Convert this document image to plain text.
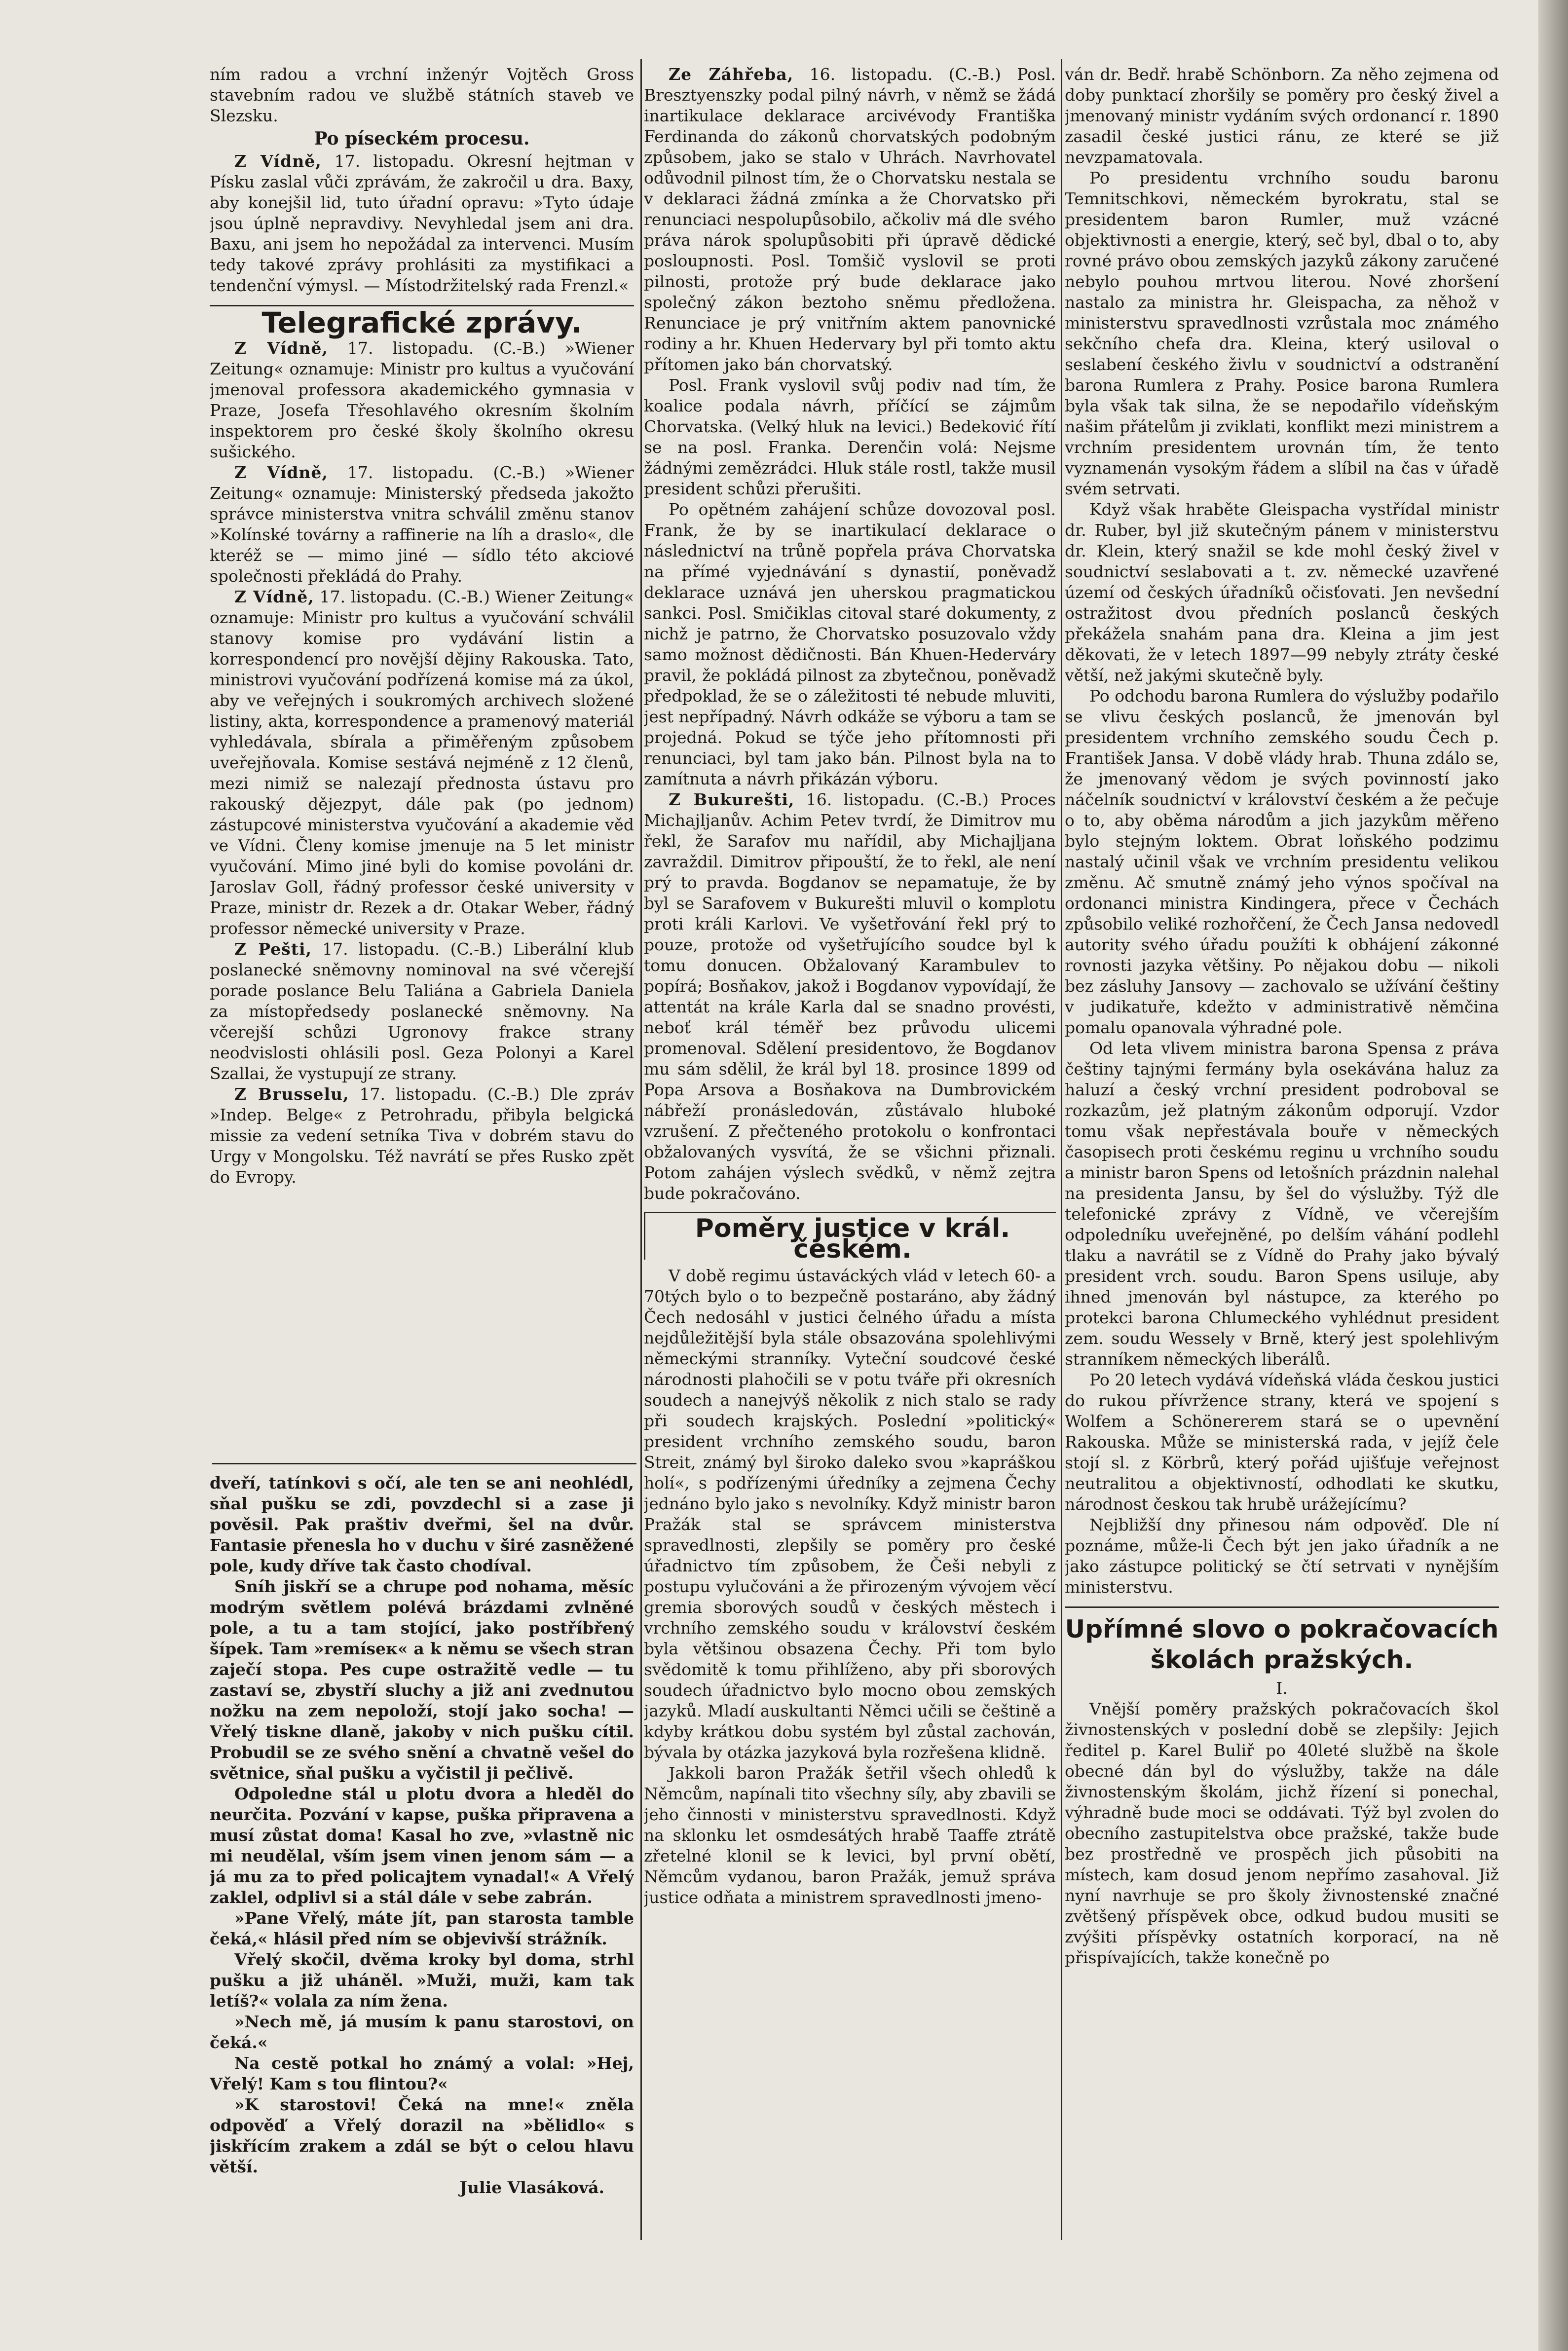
ním radou a vrchní inženýr Vojtěch Gross stavebním radou ve službě státních staveb ve Slezsku.

Po píseckém procesu.

Z Vídně, 17. listopadu. Okresní hejtman v Písku zaslal vůči zprávám, že zakročil u dra. Baxy, aby konejšil lid, tuto úřadní opravu: »Tyto údaje jsou úplně nepravdivy. Nevyhledal jsem ani dra. Baxu, ani jsem ho nepožádal za intervenci. Musím tedy takové zprávy prohlásiti za mystifikaci a tendenční výmysl. — Místodržitelský rada Frenzl.«

Telegrafické zprávy.

Z Vídně, 17. listopadu. (C.-B.) »Wiener Zeitung« oznamuje: Ministr pro kultus a vyučování jmenoval professora akademického gymnasia v Praze, Josefa Třesohlavého okresním školním inspektorem pro české školy školního okresu sušického.

Z Vídně, 17. listopadu. (C.-B.) »Wiener Zeitung« oznamuje: Ministerský předseda jakožto správce ministerstva vnitra schválil změnu stanov »Kolínské továrny a raffinerie na líh a draslo«, dle kteréž se — mimo jiné — sídlo této akciové společnosti překládá do Prahy.

Z Vídně, 17. listopadu. (C.-B.) Wiener Zeitung« oznamuje: Ministr pro kultus a vyučování schválil stanovy komise pro vydávání listin a korrespondencí pro novější dějiny Rakouska. Tato, ministrovi vyučování podřízená komise má za úkol, aby ve veřejných i soukromých archivech složené listiny, akta, korrespondence a pramenový materiál vyhledávala, sbírala a přiměřeným způsobem uveřejňovala. Komise sestává nejméně z 12 členů, mezi nimiž se nalezají přednosta ústavu pro rakouský dějezpyt, dále pak (po jednom) zástupcové ministerstva vyučování a akademie věd ve Vídni. Členy komise jmenuje na 5 let ministr vyučování. Mimo jiné byli do komise povoláni dr. Jaroslav Goll, řádný professor české university v Praze, ministr dr. Rezek a dr. Otakar Weber, řádný professor německé university v Praze.

Z Pešti, 17. listopadu. (C.-B.) Liberální klub poslanecké sněmovny nominoval na své včerejší porade poslance Belu Taliána a Gabriela Daniela za místopředsedy poslanecké sněmovny. Na včerejší schůzi Ugronovy frakce strany neodvislosti ohlásili posl. Geza Polonyi a Karel Szallai, že vystupují ze strany.

Z Brusselu, 17. listopadu. (C.-B.) Dle zpráv »Indep. Belge« z Petrohradu, přibyla belgická missie za vedení setníka Tiva v dobrém stavu do Urgy v Mongolsku. Též navrátí se přes Rusko zpět do Evropy.

dveří, tatínkovi s očí, ale ten se ani neohlédl, sňal pušku se zdi, povzdechl si a zase ji pověsil. Pak praštiv dveřmi, šel na dvůr. Fantasie přenesla ho v duchu v širé zasněžené pole, kudy dříve tak často chodíval.

Sníh jiskří se a chrupe pod nohama, měsíc modrým světlem polévá brázdami zvlněné pole, a tu a tam stojící, jako postříbřený šípek. Tam »remíseк« a k němu se všech stran zaječí stopa. Pes cupe ostražitě vedle — tu zastaví se, zbystří sluchy a již ani zvednutou nožku na zem nepoloží, stojí jako socha! — Vřelý tiskne dlaně, jakoby v nich pušku cítil. Probudil se ze svého snění a chvatně vešel do světnice, sňal pušku a vyčistil ji pečlivě.

Odpoledne stál u plotu dvora a hleděl do neurčita. Pozvání v kapse, puška připravena a musí zůstat doma! Kasal ho zve, »vlastně nic mi neudělal, vším jsem vinen jenom sám — a já mu za to před policajtem vynadal!« A Vřelý zaklel, odplivl si a stál dále v sebe zabrán.

»Pane Vřelý, máte jít, pan starosta tamble čeká,« hlásil před ním se objevivší strážník.

Vřelý skočil, dvěma kroky byl doma, strhl pušku a již uháněl. »Muži, muži, kam tak letíš?« volala za ním žena.

»Nech mě, já musím k panu starostovi, on čeká.«

Na cestě potkal ho známý a volal: »Hej, Vřelý! Kam s tou flintou?«

»K starostovi! Čeká na mne!« zněla odpověď a Vřelý dorazil na »bělidlo« s jiskřícím zrakem a zdál se být o celou hlavu větší.

Julie Vlasáková.

Ze Záhřeba, 16. listopadu. (C.-B.) Posl. Bresztyenszky podal pilný návrh, v němž se žádá inartikulace deklarace arcivévody Františka Ferdinanda do zákonů chorvatských podobným způsobem, jako se stalo v Uhrách. Navrhovatel odůvodnil pilnost tím, že o Chorvatsku nestala se v deklaraci žádná zmínka a že Chorvatsko při renunciaci nespolupůsobilo, ačkoliv má dle svého práva nárok spolupůsobiti při úpravě dědické posloupnosti. Posl. Tomšič vyslovil se proti pilnosti, protože prý bude deklarace jako společný zákon beztoho sněmu předložena. Renunciace je prý vnitřním aktem panovnické rodiny a hr. Khuen Hedervary byl při tomto aktu přítomen jako bán chorvatský.

Posl. Frank vyslovil svůj podiv nad tím, že koalice podala návrh, příčící se zájmům Chorvatska. (Velký hluk na levici.) Bedeković řítí se na posl. Franka. Derenčin volá: Nejsme žádnými zemězrádci. Hluk stále rostl, takže musil president schůzi přerušiti.

Po opětném zahájení schůze dovozoval posl. Frank, že by se inartikulací deklarace o následnictví na trůně popřela práva Chorvatska na přímé vyjednávání s dynastií, poněvadž deklarace uznává jen uherskou pragmatickou sankci. Posl. Smičiklas citoval staré dokumenty, z nichž je patrno, že Chorvatsko posuzovalo vždy samo možnost dědičnosti. Bán Khuen-Hederváry pravil, že pokládá pilnost za zbytečnou, poněvadž předpoklad, že se o záležitosti té nebude mluviti, jest nepřípadný. Návrh odkáže se výboru a tam se projedná. Pokud se týče jeho přítomnosti při renunciaci, byl tam jako bán. Pilnost byla na to zamítnuta a návrh přikázán výboru.

Z Bukurešti, 16. listopadu. (C.-B.) Proces Michajljanův. Achim Petev tvrdí, že Dimitrov mu řekl, že Sarafov mu nařídil, aby Michajljana zavraždil. Dimitrov připouští, že to řekl, ale není prý to pravda. Bogdanov se nepamatuje, že by byl se Sarafovem v Bukurešti mluvil o komplotu proti králi Karlovi. Ve vyšetřování řekl prý to pouze, protože od vyšetřujícího soudce byl k tomu donucen. Obžalovaný Karambulev to popírá; Bosňakov, jakož i Bogdanov vypovídají, že attentát na krále Karla dal se snadno provésti, neboť král téměř bez průvodu ulicemi promenoval. Sdělení presidentovo, že Bogdanov mu sám sdělil, že král byl 18. prosince 1899 od Popa Arsova a Bosňakova na Dumbrovickém nábřeží pronásledován, zůstávalo hluboké vzrušení. Z přečteného protokolu o konfrontaci obžalovaných vysvítá, že se všichni přiznali. Potom zahájen výslech svědků, v němž zejtra bude pokračováno.

Poměry justice v král. českém.

V době regimu ústaváckých vlád v letech 60- a 70tých bylo o to bezpečně postaráno, aby žádný Čech nedosáhl v justici čelného úřadu a místa nejdůležitější byla stále obsazována spolehlivými německými stranníky. Vyteční soudcové české národnosti plahočili se v potu tváře při okresních soudech a nanejvýš několik z nich stalo se rady při soudech krajských. Poslední »politický« president vrchního zemského soudu, baron Streit, známý byl široko daleko svou »kapráškou holí«, s podřízenými úředníky a zejmena Čechy jednáno bylo jako s nevolníky. Když ministr baron Pražák stal se správcem ministerstva spravedlnosti, zlepšily se poměry pro české úřadnictvo tím způsobem, že Češi nebyli z postupu vylučováni a že přirozeným vývojem věcí gremia sborových soudů v českých městech i vrchního zemského soudu v království českém byla většinou obsazena Čechy. Při tom bylo svědomitě k tomu přihlíženo, aby při sborových soudech úřadnictvo bylo mocno obou zemských jazyků. Mladí auskultanti Němci učili se češtině a kdyby krátkou dobu systém byl zůstal zachován, bývala by otázka jazyková byla rozřešena klidně.

Jakkoli baron Pražák šetřil všech ohledů k Němcům, napínali tito všechny síly, aby zbavili se jeho činnosti v ministerstvu spravedlnosti. Když na sklonku let osmdesátých hrabě Taaffe ztrátě zřetelné klonil se k levici, byl první obětí, Němcům vydanou, baron Pražák, jemuž správa justice odňata a ministrem spravedlnosti jmeno-

ván dr. Bedř. hrabě Schönborn. Za něho zejmena od doby punktací zhoršily se poměry pro český živel a jmenovaný ministr vydáním svých ordonancí r. 1890 zasadil české justici ránu, ze které se již nevzpamatovala.

Po presidentu vrchního soudu baronu Temnitschkovi, německém byrokratu, stal se presidentem baron Rumler, muž vzácné objektivnosti a energie, který, seč byl, dbal o to, aby rovné právo obou zemských jazyků zákony zaručené nebylo pouhou mrtvou literou. Nové zhoršení nastalo za ministra hr. Gleispacha, za něhož v ministerstvu spravedlnosti vzrůstala moc známého sekčního chefa dra. Kleina, který usiloval o seslabení českého živlu v soudnictví a odstranění barona Rumlera z Prahy. Posice barona Rumlera byla však tak silna, že se nepodařilo vídeňským našim přátelům ji zviklati, konflikt mezi ministrem a vrchním presidentem urovnán tím, že tento vyznamenán vysokým řádem a slíbil na čas v úřadě svém setrvati.

Když však hraběte Gleispacha vystřídal ministr dr. Ruber, byl již skutečným pánem v ministerstvu dr. Klein, který snažil se kde mohl český živel v soudnictví seslabovati a t. zv. německé uzavřené území od českých úřadníků očisťovati. Jen nevšední ostražitost dvou předních poslanců českých překážela snahám pana dra. Kleina a jim jest děkovati, že v letech 1897—99 nebyly ztráty české větší, než jakými skutečně byly.

Po odchodu barona Rumlera do výslužby podařilo se vlivu českých poslanců, že jmenován byl presidentem vrchního zemského soudu Čech p. František Jansa. V době vlády hrab. Thuna zdálo se, že jmenovaný vědom je svých povinností jako náčelník soudnictví v království českém a že pečuje o to, aby oběma národům a jich jazykům měřeno bylo stejným loktem. Obrat loňského podzimu nastalý učinil však ve vrchním presidentu velikou změnu. Ač smutně známý jeho výnos spočíval na ordonanci ministra Kindingera, přece v Čechách způsobilo veliké rozhořčení, že Čech Jansa nedovedl autority svého úřadu použíti k obhájení zákonné rovnosti jazyka většiny. Po nějakou dobu — nikoli bez zásluhy Jansovy — zachovalo se užívání češtiny v judikatuře, kdežto v administrativě němčina pomalu opanovala výhradné pole.

Od leta vlivem ministra barona Spensa z práva češtiny tajnými fermány byla osekávána haluz za haluzí a český vrchní president podroboval se rozkazům, jež platným zákonům odporují. Vzdor tomu však nepřestávala bouře v německých časopisech proti českému reginu u vrchního soudu a ministr baron Spens od letošních prázdnin nalehal na presidenta Jansu, by šel do výslužby. Týž dle telefonické zprávy z Vídně, ve včerejším odpoledníku uveřejněné, po delším váhání podlehl tlaku a navrátil se z Vídně do Prahy jako bývalý president vrch. soudu. Baron Spens usiluje, aby ihned jmenován byl nástupce, za kterého po protekci barona Chlumeckého vyhlédnut president zem. soudu Wessely v Brně, který jest spolehlivým stranníkem německých liberálů.

Po 20 letech vydává vídeňská vláda českou justici do rukou přívržence strany, která ve spojení s Wolfem a Schönererem stará se o upevnění Rakouska. Může se ministerská rada, v jejíž čele stojí sl. z Körbrů, který pořád ujišťuje veřejnost neutralitou a objektivností, odhodlati ke skutku, národnost českou tak hrubě urážejícímu?

Nejbližší dny přinesou nám odpověď. Dle ní poznáme, může-li Čech být jen jako úřadník a ne jako zástupce politický se čtí setrvati v nynějším ministerstvu.

Upřímné slovo o pokračovacích školách pražských.
I.

Vnější poměry pražských pokračovacích škol živnostenských v poslední době se zlepšily: Jejich ředitel p. Karel Buliř po 40leté službě na škole obecné dán byl do výslužby, takže na dále živnostenským školám, jichž řízení si ponechal, výhradně bude moci se oddávati. Týž byl zvolen do obecního zastupitelstva obce pražské, takže bude bez prostředně ve prospěch jich působiti na místech, kam dosud jenom nepřímo zasahoval. Již nyní navrhuje se pro školy živnostenské značné zvětšený příspěvek obce, odkud budou musiti se zvýšiti příspěvky ostatních korporací, na ně přispívajících, takže konečně po
